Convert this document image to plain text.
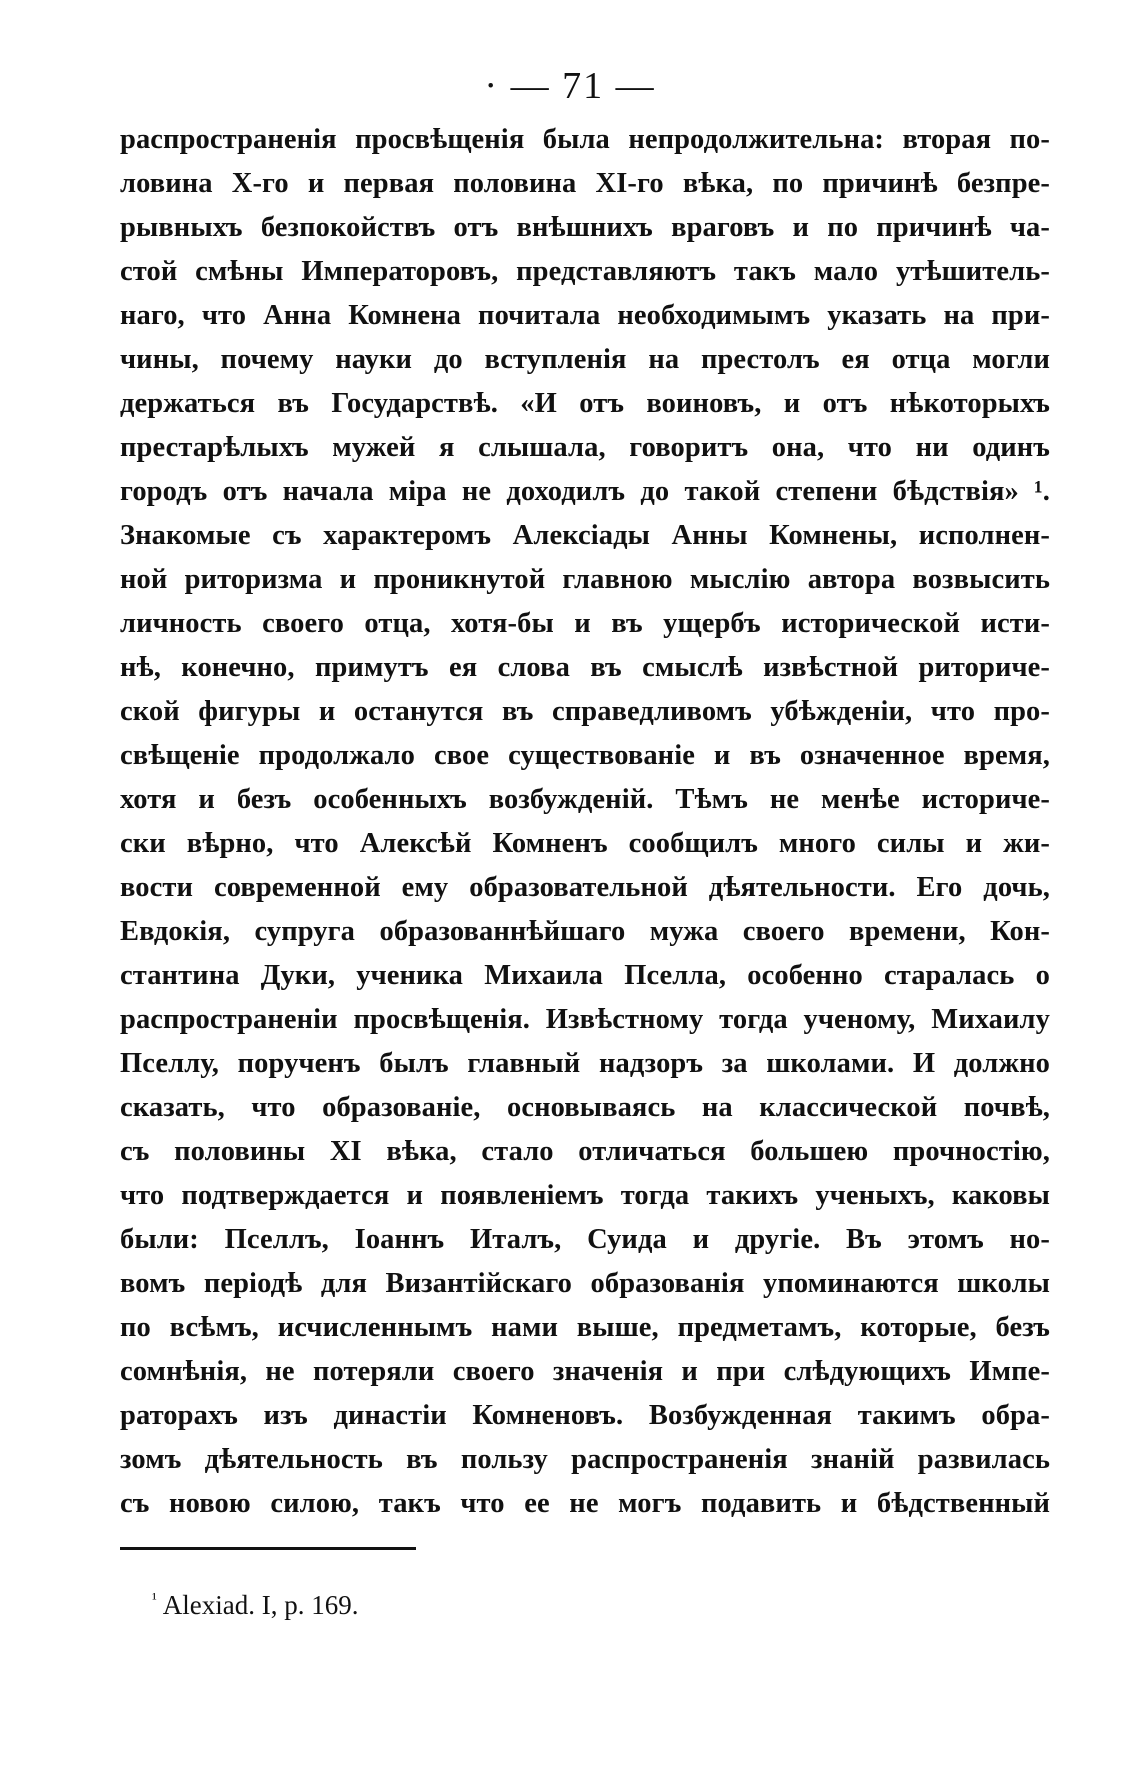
· — 71 —
распространенія просвѣщенія была непродолжительна: вторая по-
ловина X-го и первая половина XI-го вѣка, по причинѣ безпре-
рывныхъ безпокойствъ отъ внѣшнихъ враговъ и по причинѣ ча-
стой смѣны Императоровъ, представляютъ такъ мало утѣшитель-
наго, что Анна Комнена почитала необходимымъ указать на при-
чины, почему науки до вступленія на престолъ ея отца могли
держаться въ Государствѣ. «И отъ воиновъ, и отъ нѣкоторыхъ
престарѣлыхъ мужей я слышала, говоритъ она, что ни одинъ
городъ отъ начала міра не доходилъ до такой степени бѣдствія» ¹.
Знакомые съ характеромъ Алексіады Анны Комнены, исполнен-
ной риторизма и проникнутой главною мыслію автора возвысить
личность своего отца, хотя-бы и въ ущербъ исторической исти-
нѣ, конечно, примутъ ея слова въ смыслѣ извѣстной риториче-
ской фигуры и останутся въ справедливомъ убѣжденіи, что про-
свѣщеніе продолжало свое существованіе и въ означенное время,
хотя и безъ особенныхъ возбужденій. Тѣмъ не менѣе историче-
ски вѣрно, что Алексѣй Комненъ сообщилъ много силы и жи-
вости современной ему образовательной дѣятельности. Его дочь,
Евдокія, супруга образованнѣйшаго мужа своего времени, Кон-
стантина Дуки, ученика Михаила Пселла, особенно старалась о
распространеніи просвѣщенія. Извѣстному тогда ученому, Михаилу
Пселлу, порученъ былъ главный надзоръ за школами. И должно
сказать, что образованіе, основываясь на классической почвѣ,
съ половины XI вѣка, стало отличаться большею прочностію,
что подтверждается и появленіемъ тогда такихъ ученыхъ, каковы
были: Пселлъ, Іоаннъ Италъ, Суида и другіе. Въ этомъ но-
вомъ періодѣ для Византійскаго образованія упоминаются школы
по всѣмъ, исчисленнымъ нами выше, предметамъ, которые, безъ
сомнѣнія, не потеряли своего значенія и при слѣдующихъ Импе-
раторахъ изъ династіи Комненовъ. Возбужденная такимъ обра-
зомъ дѣятельность въ пользу распространенія знаній развилась
съ новою силою, такъ что ее не могъ подавить и бѣдственный
$^{^1}$ Alexiad. I, p. 169.
